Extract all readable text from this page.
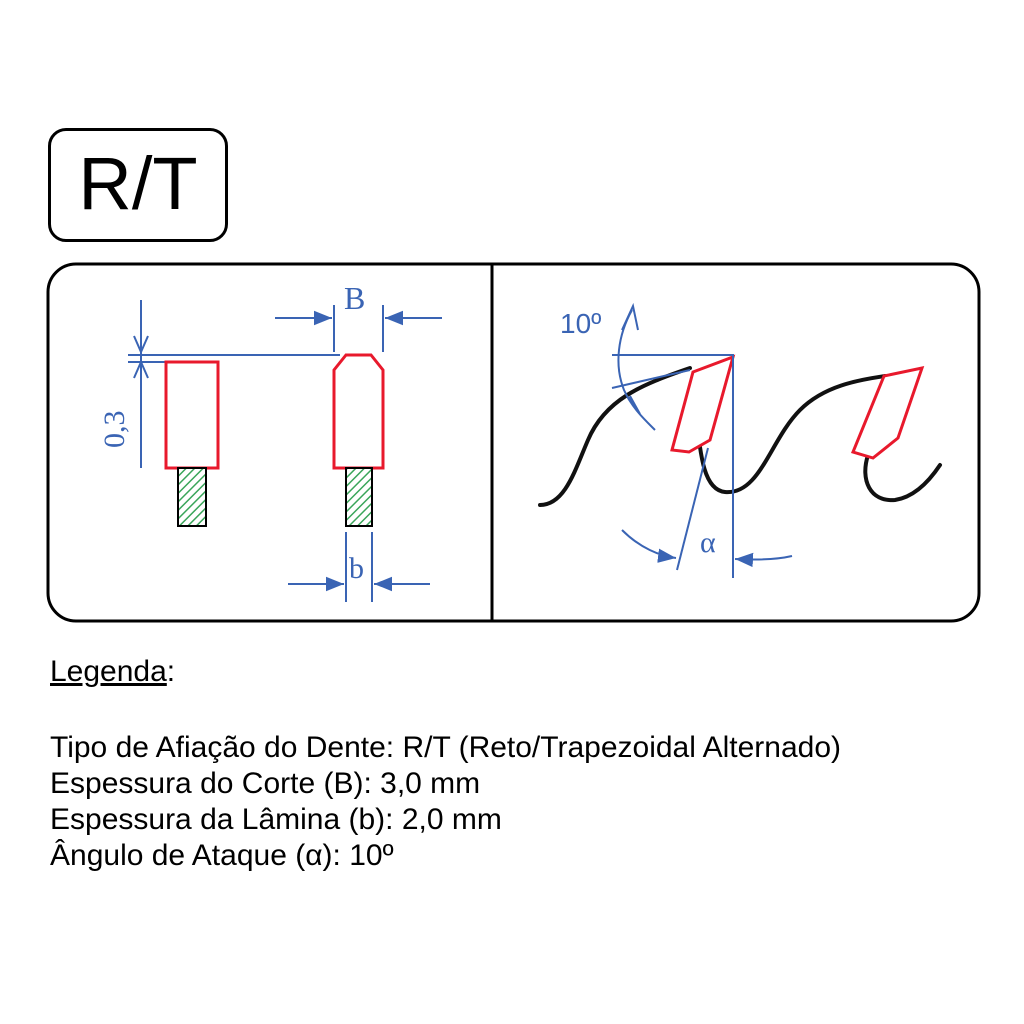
R/T
0,3
B
b
10º
α
Legenda:
Tipo de Afiação do Dente: R/T (Reto/Trapezoidal Alternado)
Espessura do Corte (B): 3,0 mm
Espessura da Lâmina (b): 2,0 mm
Ângulo de Ataque (α): 10º
